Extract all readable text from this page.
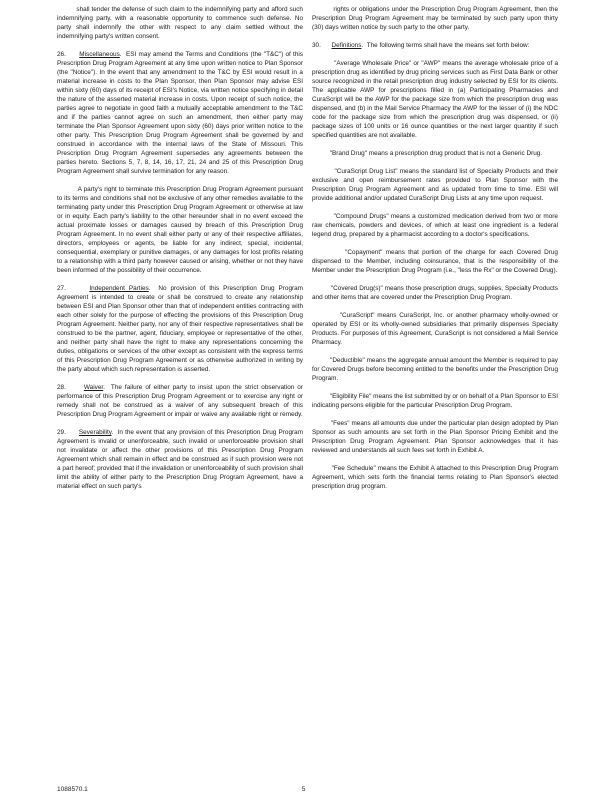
shall tender the defense of such claim to the indemnifying party and afford such indemnifying party, with a reasonable opportunity to commence such defense. No party shall indemnify the other with respect to any claim settled without the indemnifying party's written consent.

26. Miscellaneous.  ESI may amend the Terms and Conditions (the "T&C") of this Prescription Drug Program Agreement at any time upon written notice to Plan Sponsor (the "Notice"). In the event that any amendment to the T&C by ESI would result in a material increase in costs to the Plan Sponsor, then Plan Sponsor may advise ESI within sixty (60) days of its receipt of ESI's Notice, via written notice specifying in detail the nature of the asserted material increase in costs. Upon receipt of such notice, the parties agree to negotiate in good faith a mutually acceptable amendment to the T&C and if the parties cannot agree on such an amendment, then either party may terminate the Plan Sponsor Agreement upon sixty (60) days prior written notice to the other party. This Prescription Drug Program Agreement shall be governed by and construed in accordance with the internal laws of the State of Missouri. This Prescription Drug Program Agreement supersedes any agreements between the parties hereto. Sections 5, 7, 8, 14, 16, 17, 21, 24 and 25 of this Prescription Drug Program Agreement shall survive termination for any reason.

A party's right to terminate this Prescription Drug Program Agreement pursuant to its terms and conditions shall not be exclusive of any other remedies available to the terminating party under this Prescription Drug Program Agreement or otherwise at law or in equity. Each party's liability to the other hereunder shall in no event exceed the actual proximate losses or damages caused by breach of this Prescription Drug Program Agreement. In no event shall either party or any of their respective affiliates, directors, employees or agents, be liable for any indirect, special, incidental, consequential, exemplary or punitive damages, or any damages for lost profits relating to a relationship with a third party however caused or arising, whether or not they have been informed of the possibility of their occurrence.

27.	Independent Parties.  No provision of this Prescription Drug Program Agreement is intended to create or shall be construed to create any relationship between ESI and Plan Sponsor other than that of independent entities contracting with each other solely for the purpose of effecting the provisions of this Prescription Drug Program Agreement. Neither party, nor any of their respective representatives shall be construed to be the partner, agent, fiduciary, employee or representative of the other, and neither party shall have the right to make any representations concerning the duties, obligations or services of the other except as consistent with the express terms of this Prescription Drug Program Agreement or as otherwise authorized in writing by the party about which such representation is asserted.

28.	Waiver.  The failure of either party to insist upon the strict observation or performance of this Prescription Drug Program Agreement or to exercise any right or remedy shall not be construed as a waiver of any subsequent breach of this Prescription Drug Program Agreement or impair or waive any available right or remedy.

29. Severability.  In the event that any provision of this Prescription Drug Program Agreement is invalid or unenforceable, such invalid or unenforceable provision shall not invalidate or affect the other provisions of this Prescription Drug Program Agreement which shall remain in effect and be construed as if such provision were not a part hereof; provided that if the invalidation or unenforceability of such provision shall limit the ability of either party to the Prescription Drug Program Agreement, have a material effect on such party's

rights or obligations under the Prescription Drug Program Agreement, then the Prescription Drug Program Agreement may be terminated by such party upon thirty (30) days written notice by such party to the other party.

30. Definitions.  The following terms shall have the means set forth below:

"Average Wholesale Price" or "AWP" means the average wholesale price of a prescription drug as identified by drug pricing services such as First Data Bank or other source recognized in the retail prescription drug industry selected by ESI for its clients. The applicable AWP for prescriptions filled in (a) Participating Pharmacies and CuraScript will be the AWP for the package size from which the prescription drug was dispensed, and (b) in the Mail Service Pharmacy the AWP for the lesser of (i) the NDC code for the package size from which the prescription drug was dispensed, or (ii) package sizes of 100 units or 16 ounce quantities or the next larger quantity if such specified quantities are not available.

"Brand Drug" means a prescription drug product that is not a Generic Drug.

"CuraScript Drug List" means the standard list of Specialty Products and their exclusive and open reimbursement rates provided to Plan Sponsor with the Prescription Drug Program Agreement and as updated from time to time. ESI will provide additional and/or updated CuraScript Drug Lists at any time upon request.

"Compound Drugs" means a customized medication derived from two or more raw chemicals, powders and devices, of which at least one ingredient is a federal legend drug, prepared by a pharmacist according to a doctor's specifications.

"Copayment" means that portion of the charge for each Covered Drug dispensed to the Member, including coinsurance, that is the responsibility of the Member under the Prescription Drug Program (i.e., "less the Rx" or the Covered Drug).

"Covered Drug(s)" means those prescription drugs, supplies, Specialty Products and other items that are covered under the Prescription Drug Program.

"CuraScript" means CuraScript, Inc. or another pharmacy wholly-owned or operated by ESI or its wholly-owned subsidiaries that primarily dispenses Specialty Products. For purposes of this Agreement, CuraScript is not considered a Mail Service Pharmacy.

"Deductible" means the aggregate annual amount the Member is required to pay for Covered Drugs before becoming entitled to the benefits under the Prescription Drug Program.

"Eligibility File" means the list submitted by or on behalf of a Plan Sponsor to ESI indicating persons eligible for the particular Prescription Drug Program.

"Fees" means all amounts due under the particular plan design adopted by Plan Sponsor as such amounts are set forth in the Plan Sponsor Pricing Exhibit and the Prescription Drug Program Agreement. Plan Sponsor acknowledges that it has reviewed and understands all such fees set forth in Exhibit A.

"Fee Schedule" means the Exhibit A attached to this Prescription Drug Program Agreement, which sets forth the financial terms relating to Plan Sponsor's elected prescription drug program.

1088570.1	5
